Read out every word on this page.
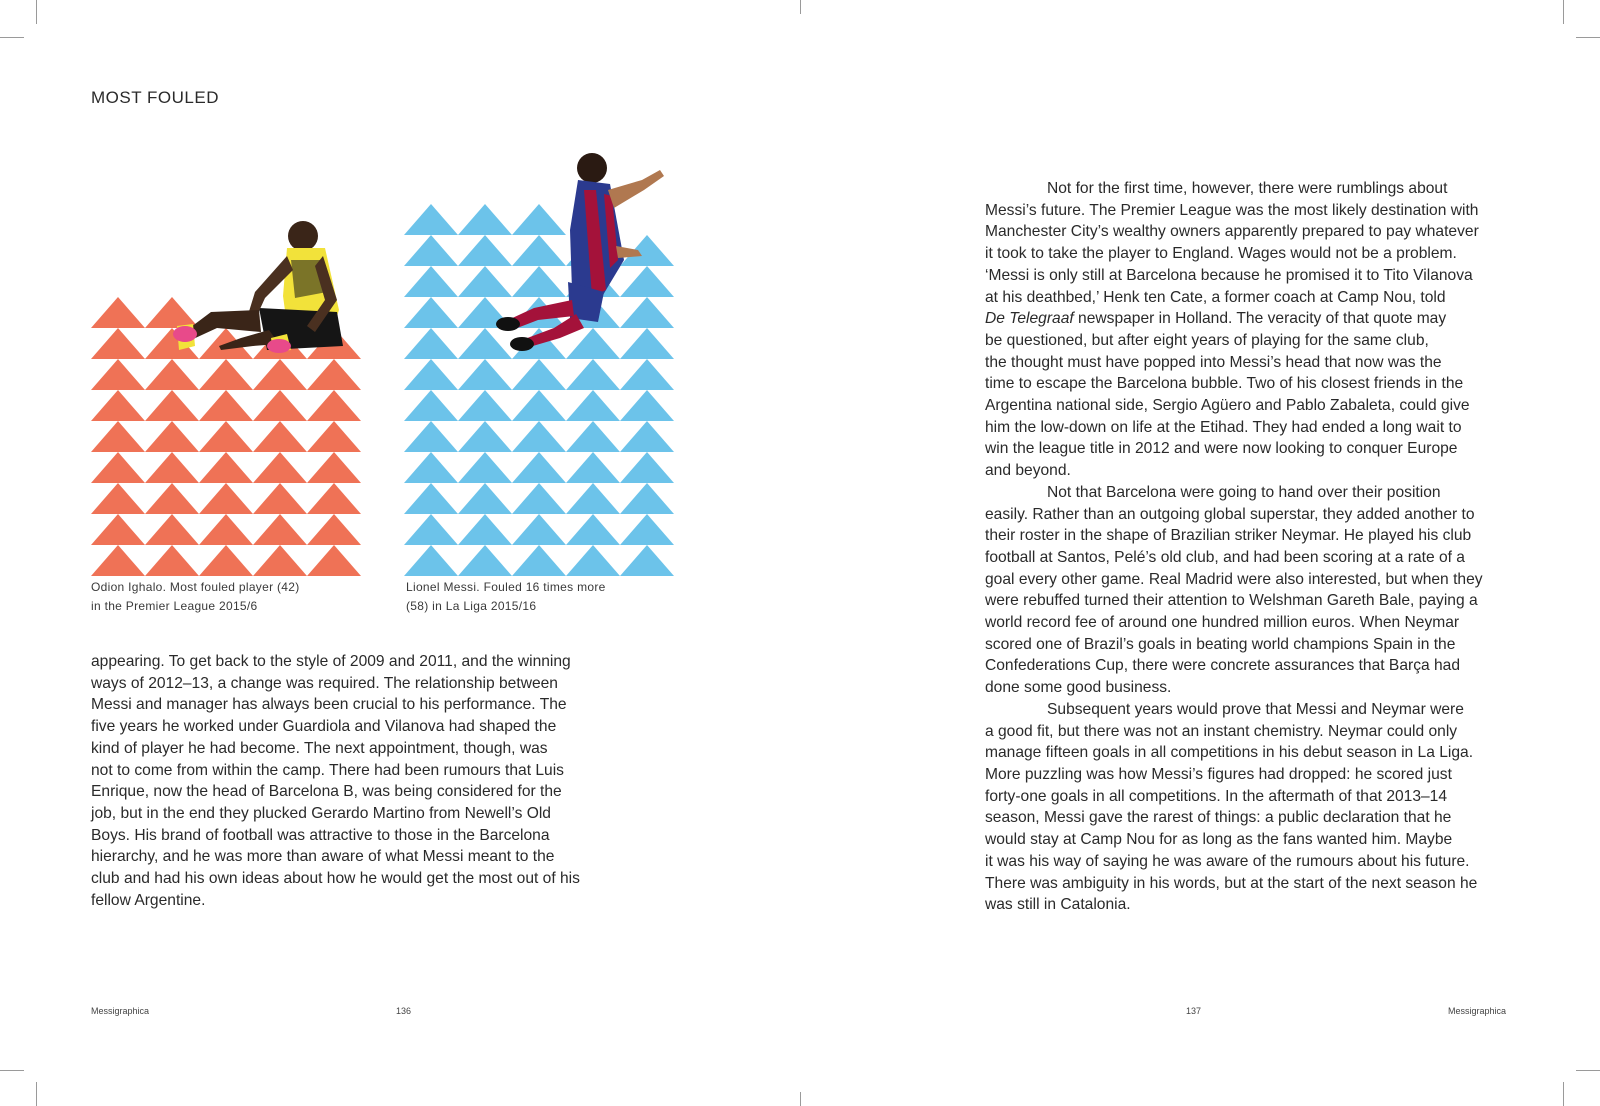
MOST FOULED

Odion Ighalo. Most fouled player (42)
in the Premier League 2015/6

Lionel Messi. Fouled 16 times more
(58) in La Liga 2015/16

appearing. To get back to the style of 2009 and 2011, and the winning
ways of 2012–13, a change was required. The relationship between
Messi and manager has always been crucial to his performance. The
five years he worked under Guardiola and Vilanova had shaped the
kind of player he had become. The next appointment, though, was
not to come from within the camp. There had been rumours that Luis
Enrique, now the head of Barcelona B, was being considered for the
job, but in the end they plucked Gerardo Martino from Newell’s Old
Boys. His brand of football was attractive to those in the Barcelona
hierarchy, and he was more than aware of what Messi meant to the
club and had his own ideas about how he would get the most out of his
fellow Argentine.

Not for the first time, however, there were rumblings about
Messi’s future. The Premier League was the most likely destination with
Manchester City’s wealthy owners apparently prepared to pay whatever
it took to take the player to England. Wages would not be a problem.
‘Messi is only still at Barcelona because he promised it to Tito Vilanova
at his deathbed,’ Henk ten Cate, a former coach at Camp Nou, told
De Telegraaf newspaper in Holland. The veracity of that quote may
be questioned, but after eight years of playing for the same club,
the thought must have popped into Messi’s head that now was the
time to escape the Barcelona bubble. Two of his closest friends in the
Argentina national side, Sergio Agüero and Pablo Zabaleta, could give
him the low-down on life at the Etihad. They had ended a long wait to
win the league title in 2012 and were now looking to conquer Europe
and beyond.

Not that Barcelona were going to hand over their position
easily. Rather than an outgoing global superstar, they added another to
their roster in the shape of Brazilian striker Neymar. He played his club
football at Santos, Pelé’s old club, and had been scoring at a rate of a
goal every other game. Real Madrid were also interested, but when they
were rebuffed turned their attention to Welshman Gareth Bale, paying a
world record fee of around one hundred million euros. When Neymar
scored one of Brazil’s goals in beating world champions Spain in the
Confederations Cup, there were concrete assurances that Barça had
done some good business.

Subsequent years would prove that Messi and Neymar were
a good fit, but there was not an instant chemistry. Neymar could only
manage fifteen goals in all competitions in his debut season in La Liga.
More puzzling was how Messi’s figures had dropped: he scored just
forty-one goals in all competitions. In the aftermath of that 2013–14
season, Messi gave the rarest of things: a public declaration that he
would stay at Camp Nou for as long as the fans wanted him. Maybe
it was his way of saying he was aware of the rumours about his future.
There was ambiguity in his words, but at the start of the next season he
was still in Catalonia.

Messigraphica	136	137	Messigraphica
